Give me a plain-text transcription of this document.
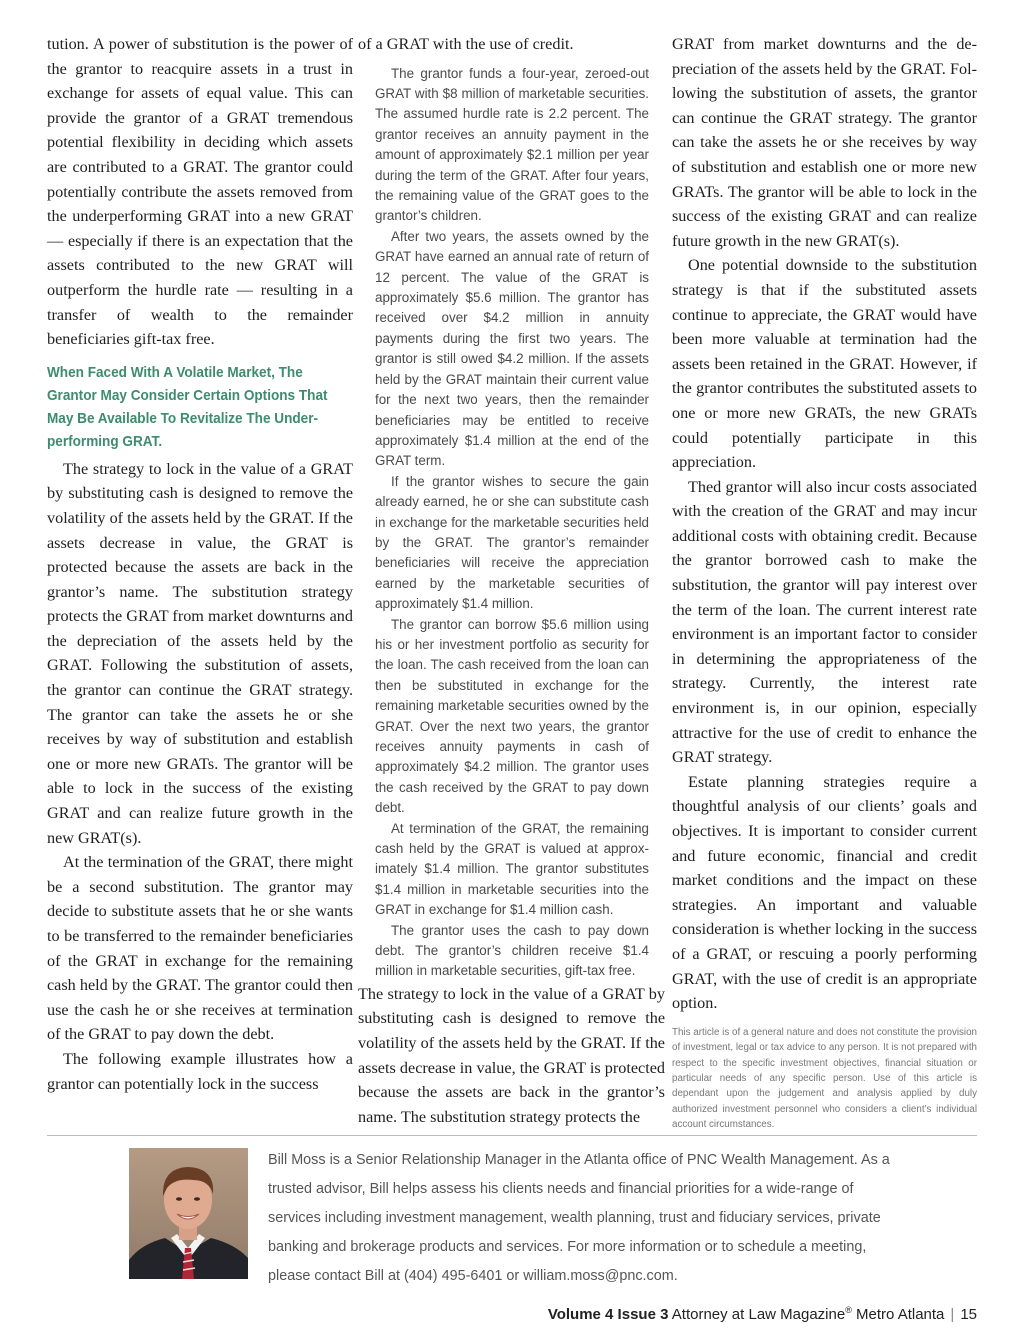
tution. A power of substitution is the power of the grantor to reacquire assets in a trust in exchange for assets of equal value. This can provide the grantor of a GRAT tremendous potential flexibility in deciding which assets are contributed to a GRAT. The grantor could potentially contribute the assets removed from the underperforming GRAT into a new GRAT — especially if there is an expectation that the assets contributed to the new GRAT will outperform the hurdle rate — resulting in a transfer of wealth to the remainder beneficiaries gift-tax free.

When Faced With A Volatile Market, The Grantor May Consider Certain Options That May Be Available To Revitalize The Under-performing GRAT.

The strategy to lock in the value of a GRAT by substituting cash is designed to remove the volatility of the assets held by the GRAT. If the assets decrease in value, the GRAT is protected because the assets are back in the grantor’s name. The substitution strategy protects the GRAT from market downturns and the depreciation of the assets held by the GRAT. Following the substitution of assets, the grantor can continue the GRAT strategy. The grantor can take the assets he or she receives by way of substitution and establish one or more new GRATs. The grantor will be able to lock in the success of the existing GRAT and can realize future growth in the new GRAT(s).

At the termination of the GRAT, there might be a second substitution. The grantor may decide to substitute assets that he or she wants to be transferred to the remainder beneficiaries of the GRAT in exchange for the remaining cash held by the GRAT. The grantor could then use the cash he or she receives at termination of the GRAT to pay down the debt.

The following example illustrates how a grantor can potentially lock in the success

of a GRAT with the use of credit.

The grantor funds a four-year, zeroed-out GRAT with $8 million of marketable securities. The assumed hurdle rate is 2.2 percent. The grantor receives an annuity payment in the amount of approximately $2.1 million per year during the term of the GRAT. After four years, the remaining value of the GRAT goes to the grantor’s children.

After two years, the assets owned by the GRAT have earned an annual rate of return of 12 percent. The value of the GRAT is approximately $5.6 million. The grantor has received over $4.2 million in annuity payments during the first two years. The grantor is still owed $4.2 million. If the assets held by the GRAT maintain their current value for the next two years, then the remainder beneficiaries may be entitled to receive approximately $1.4 million at the end of the GRAT term.

If the grantor wishes to secure the gain already earned, he or she can substitute cash in exchange for the marketable securities held by the GRAT. The grantor’s remainder beneficiaries will receive the appreciation earned by the marketable securities of approximately $1.4 million.

The grantor can borrow $5.6 million using his or her investment portfolio as security for the loan. The cash received from the loan can then be substituted in exchange for the remaining marketable securities owned by the GRAT. Over the next two years, the grantor receives annuity payments in cash of approximately $4.2 million. The grantor uses the cash received by the GRAT to pay down debt.

At termination of the GRAT, the remaining cash held by the GRAT is valued at approximately $1.4 million. The grantor substitutes $1.4 million in marketable securities into the GRAT in exchange for $1.4 million cash.

The grantor uses the cash to pay down debt. The grantor’s children receive $1.4 million in marketable securities, gift-tax free.

The strategy to lock in the value of a GRAT by substituting cash is designed to remove the volatility of the assets held by the GRAT. If the assets decrease in value, the GRAT is protected because the assets are back in the grantor’s name. The substitution strategy protects the

GRAT from market downturns and the depreciation of the assets held by the GRAT. Following the substitution of assets, the grantor can continue the GRAT strategy. The grantor can take the assets he or she receives by way of substitution and establish one or more new GRATs. The grantor will be able to lock in the success of the existing GRAT and can realize future growth in the new GRAT(s).

One potential downside to the substitution strategy is that if the substituted assets continue to appreciate, the GRAT would have been more valuable at termination had the assets been retained in the GRAT. However, if the grantor contributes the substituted assets to one or more new GRATs, the new GRATs could potentially participate in this appreciation.

Thed grantor will also incur costs associated with the creation of the GRAT and may incur additional costs with obtaining credit. Because the grantor borrowed cash to make the substitution, the grantor will pay interest over the term of the loan. The current interest rate environment is an important factor to consider in determining the appropriateness of the strategy. Currently, the interest rate environment is, in our opinion, especially attractive for the use of credit to enhance the GRAT strategy.

Estate planning strategies require a thoughtful analysis of our clients’ goals and objectives. It is important to consider current and future economic, financial and credit market conditions and the impact on these strategies. An important and valuable consideration is whether locking in the success of a GRAT, or rescuing a poorly performing GRAT, with the use of credit is an appropriate option.

This article is of a general nature and does not constitute the provision of investment, legal or tax advice to any person. It is not prepared with respect to the specific investment objectives, financial situation or particular needs of any specific person. Use of this article is dependant upon the judgement and analysis applied by duly authorized investment personnel who considers a client’s individual account circumstances.

Bill Moss is a Senior Relationship Manager in the Atlanta office of PNC Wealth Management. As a trusted advisor, Bill helps assess his clients needs and financial priorities for a wide-range of services including investment management, wealth planning, trust and fiduciary services, private banking and brokerage products and services. For more information or to schedule a meeting, please contact Bill at (404) 495-6401 or william.moss@pnc.com.

Volume 4 Issue 3 Attorney at Law Magazine® Metro Atlanta | 15
